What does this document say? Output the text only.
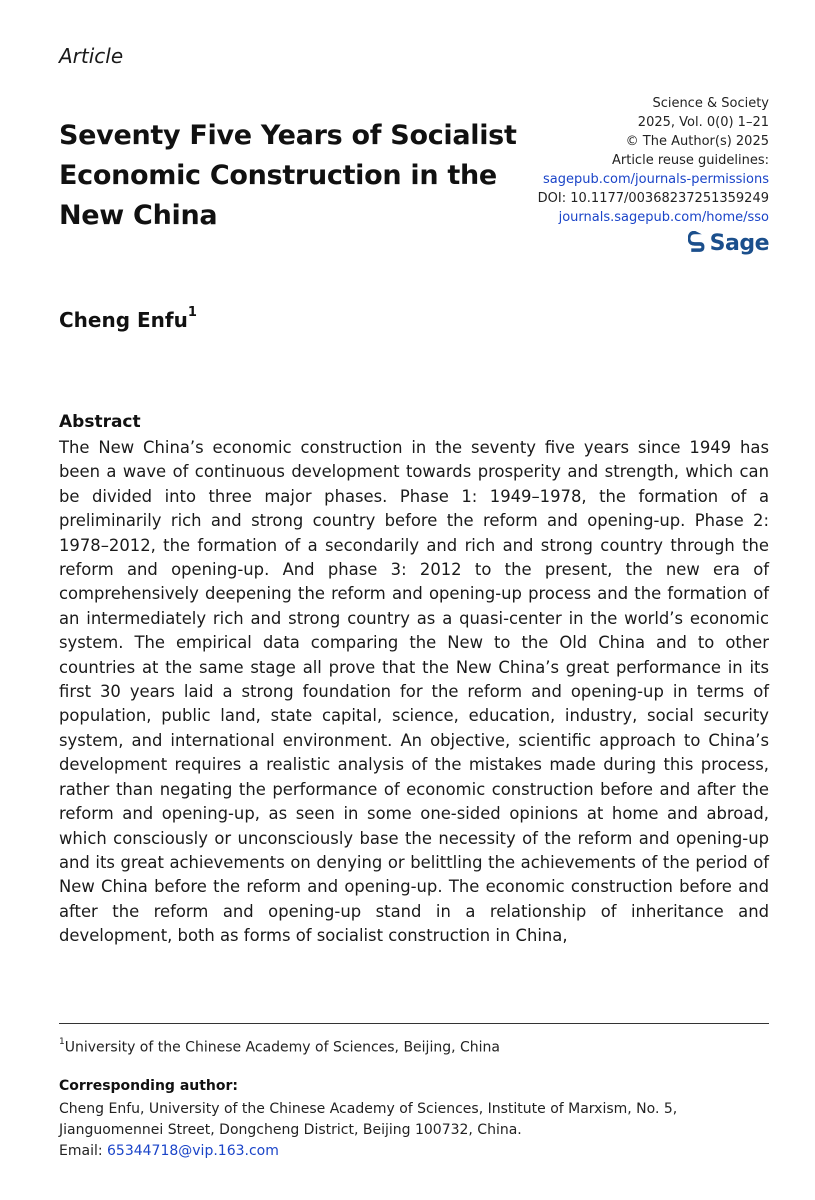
Article
Seventy Five Years of Socialist Economic Construction in the New China
Science & Society
2025, Vol. 0(0) 1–21
© The Author(s) 2025
Article reuse guidelines:
sagepub.com/journals-permissions
DOI: 10.1177/00368237251359249
journals.sagepub.com/home/sso
Sage
Cheng Enfu$^1$
Abstract

The New China’s economic construction in the seventy five years since 1949 has been a wave of continuous development towards prosperity and strength, which can be divided into three major phases. Phase 1: 1949–1978, the formation of a preliminarily rich and strong country before the reform and opening-up. Phase 2: 1978–2012, the formation of a secondarily and rich and strong country through the reform and opening-up. And phase 3: 2012 to the present, the new era of comprehensively deepening the reform and opening-up process and the formation of an intermediately rich and strong country as a quasi-center in the world’s economic system. The empirical data comparing the New to the Old China and to other countries at the same stage all prove that the New China’s great performance in its first 30 years laid a strong foundation for the reform and opening-up in terms of population, public land, state capital, science, education, industry, social security system, and international environment. An objective, scientific approach to China’s development requires a realistic analysis of the mistakes made during this process, rather than negating the performance of economic construction before and after the reform and opening-up, as seen in some one-sided opinions at home and abroad, which consciously or unconsciously base the necessity of the reform and opening-up and its great achievements on denying or belittling the achievements of the period of New China before the reform and opening-up. The economic construction before and after the reform and opening-up stand in a relationship of inheritance and development, both as forms of socialist construction in China,

$^1$University of the Chinese Academy of Sciences, Beijing, China
Corresponding author:
Cheng Enfu, University of the Chinese Academy of Sciences, Institute of Marxism, No. 5,
Jianguomennei Street, Dongcheng District, Beijing 100732, China.
Email: 65344718@vip.163.com
